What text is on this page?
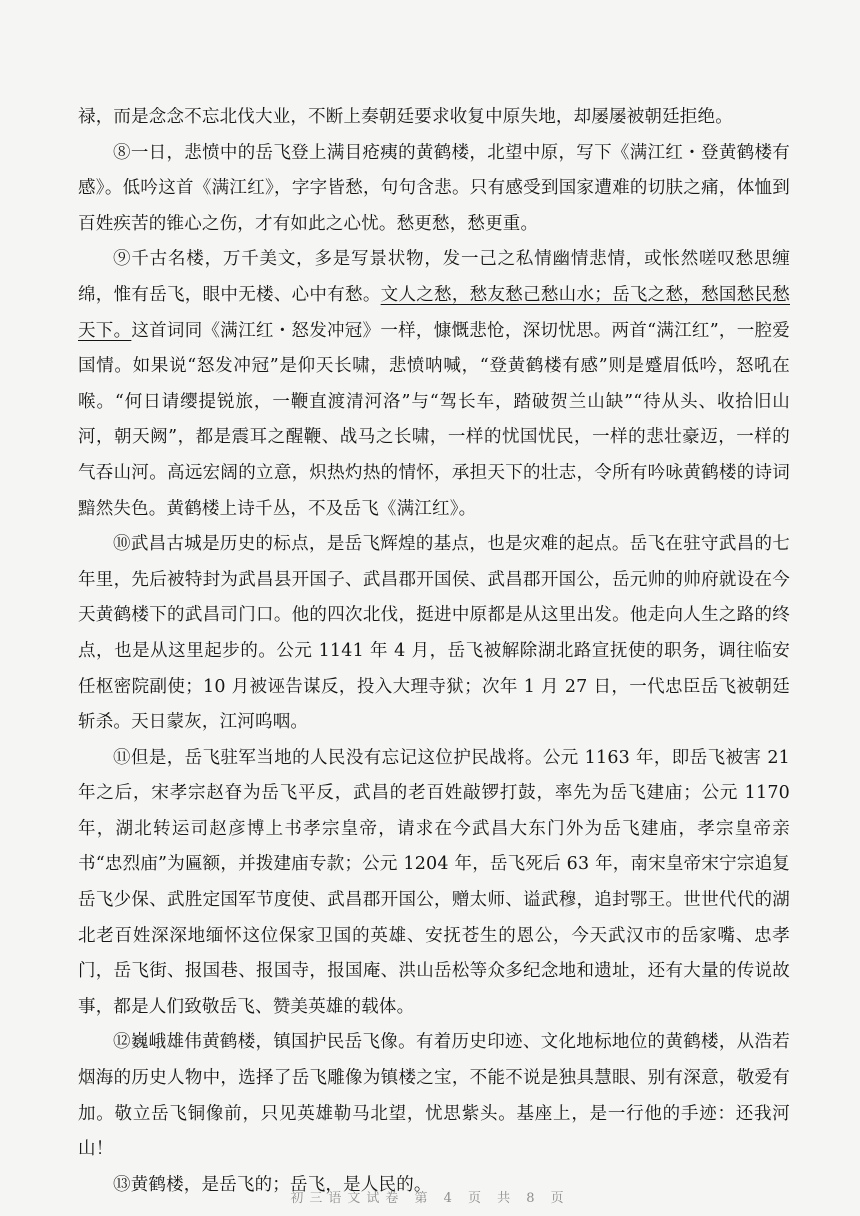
禄，而是念念不忘北伐大业，不断上奏朝廷要求收复中原失地，却屡屡被朝廷拒绝。

⑧一日，悲愤中的岳飞登上满目疮痍的黄鹤楼，北望中原，写下《满江红・登黄鹤楼有感》。低吟这首《满江红》，字字皆愁，句句含悲。只有感受到国家遭难的切肤之痛，体恤到百姓疾苦的锥心之伤，才有如此之心忧。愁更愁，愁更重。

⑨千古名楼，万千美文，多是写景状物，发一己之私情幽情悲情，或怅然嗟叹愁思缠绵，惟有岳飞，眼中无楼、心中有愁。文人之愁，愁友愁己愁山水；岳飞之愁，愁国愁民愁天下。这首词同《满江红・怒发冲冠》一样，慷慨悲怆，深切忧思。两首“满江红”，一腔爱国情。如果说“怒发冲冠”是仰天长啸，悲愤呐喊，“登黄鹤楼有感”则是蹙眉低吟，怒吼在喉。“何日请缨提锐旅，一鞭直渡清河洛”与“驾长车，踏破贺兰山缺”“待从头、收拾旧山河，朝天阙”，都是震耳之醒鞭、战马之长啸，一样的忧国忧民，一样的悲壮豪迈，一样的气吞山河。高远宏阔的立意，炽热灼热的情怀，承担天下的壮志，令所有吟咏黄鹤楼的诗词黯然失色。黄鹤楼上诗千丛，不及岳飞《满江红》。

⑩武昌古城是历史的标点，是岳飞辉煌的基点，也是灾难的起点。岳飞在驻守武昌的七年里，先后被特封为武昌县开国子、武昌郡开国侯、武昌郡开国公，岳元帅的帅府就设在今天黄鹤楼下的武昌司门口。他的四次北伐，挺进中原都是从这里出发。他走向人生之路的终点，也是从这里起步的。公元 1141 年 4 月，岳飞被解除湖北路宣抚使的职务，调往临安任枢密院副使；10 月被诬告谋反，投入大理寺狱；次年 1 月 27 日，一代忠臣岳飞被朝廷斩杀。天日蒙灰，江河呜咽。

⑪但是，岳飞驻军当地的人民没有忘记这位护民战将。公元 1163 年，即岳飞被害 21 年之后，宋孝宗赵眘为岳飞平反，武昌的老百姓敲锣打鼓，率先为岳飞建庙；公元 1170 年，湖北转运司赵彦博上书孝宗皇帝，请求在今武昌大东门外为岳飞建庙，孝宗皇帝亲书“忠烈庙”为匾额，并拨建庙专款；公元 1204 年，岳飞死后 63 年，南宋皇帝宋宁宗追复岳飞少保、武胜定国军节度使、武昌郡开国公，赠太师、谥武穆，追封鄂王。世世代代的湖北老百姓深深地缅怀这位保家卫国的英雄、安抚苍生的恩公，今天武汉市的岳家嘴、忠孝门，岳飞街、报国巷、报国寺，报国庵、洪山岳松等众多纪念地和遗址，还有大量的传说故事，都是人们致敬岳飞、赞美英雄的载体。

⑫巍峨雄伟黄鹤楼，镇国护民岳飞像。有着历史印迹、文化地标地位的黄鹤楼，从浩若烟海的历史人物中，选择了岳飞雕像为镇楼之宝，不能不说是独具慧眼、别有深意，敬爱有加。敬立岳飞铜像前，只见英雄勒马北望，忧思紫头。基座上，是一行他的手迹：还我河山！

⑬黄鹤楼，是岳飞的；岳飞，是人民的。

初三语文试卷 第 4 页 共 8 页
